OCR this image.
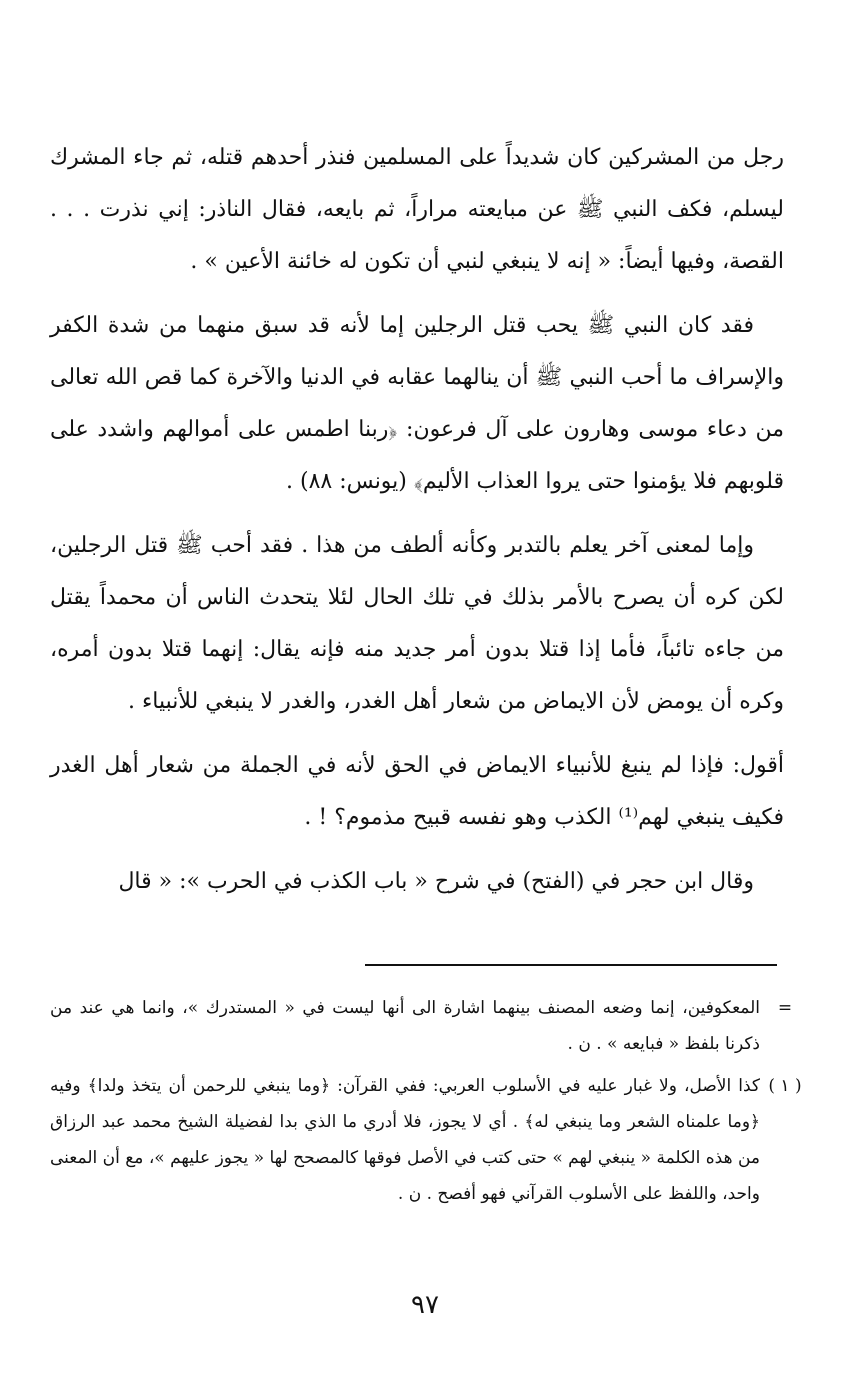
رجل من المشركين كان شديداً على المسلمين فنذر أحدهم قتله، ثم جاء المشرك ليسلم، فكف النبي ﷺ عن مبايعته مراراً، ثم بايعه، فقال الناذر: إني نذرت . . . القصة، وفيها أيضاً: « إنه لا ينبغي لنبي أن تكون له خائنة الأعين » .

فقد كان النبي ﷺ يحب قتل الرجلين إما لأنه قد سبق منهما من شدة الكفر والإسراف ما أحب النبي ﷺ أن ينالهما عقابه في الدنيا والآخرة كما قص الله تعالى من دعاء موسى وهارون على آل فرعون: ﴿ربنا اطمس على أموالهم واشدد على قلوبهم فلا يؤمنوا حتى يروا العذاب الأليم﴾ (يونس: ٨٨) .

وإما لمعنى آخر يعلم بالتدبر وكأنه ألطف من هذا . فقد أحب ﷺ قتل الرجلين، لكن كره أن يصرح بالأمر بذلك في تلك الحال لئلا يتحدث الناس أن محمداً يقتل من جاءه تائباً، فأما إذا قتلا بدون أمر جديد منه فإنه يقال: إنهما قتلا بدون أمره، وكره أن يومض لأن الايماض من شعار أهل الغدر، والغدر لا ينبغي للأنبياء .

أقول: فإذا لم ينبغ للأنبياء الايماض في الحق لأنه في الجملة من شعار أهل الغدر فكيف ينبغي لهم⁽¹⁾ الكذب وهو نفسه قبيح مذموم؟ ! .

وقال ابن حجر في (الفتح) في شرح « باب الكذب في الحرب »: « قال

=
المعكوفين، إنما وضعه المصنف بينهما اشارة الى أنها ليست في « المستدرك »، وانما هي عند من ذكرنا بلفظ « فبايعه » . ن .
( ١ )
كذا الأصل، ولا غبار عليه في الأسلوب العربي: ففي القرآن: ﴿وما ينبغي للرحمن أن يتخذ ولدا﴾ وفيه ﴿وما علمناه الشعر وما ينبغي له﴾ . أي لا يجوز، فلا أدري ما الذي بدا لفضيلة الشيخ محمد عبد الرزاق من هذه الكلمة « ينبغي لهم » حتى كتب في الأصل فوقها كالمصحح لها « يجوز عليهم »، مع أن المعنى واحد، واللفظ على الأسلوب القرآني فهو أفصح . ن .
٩٧
